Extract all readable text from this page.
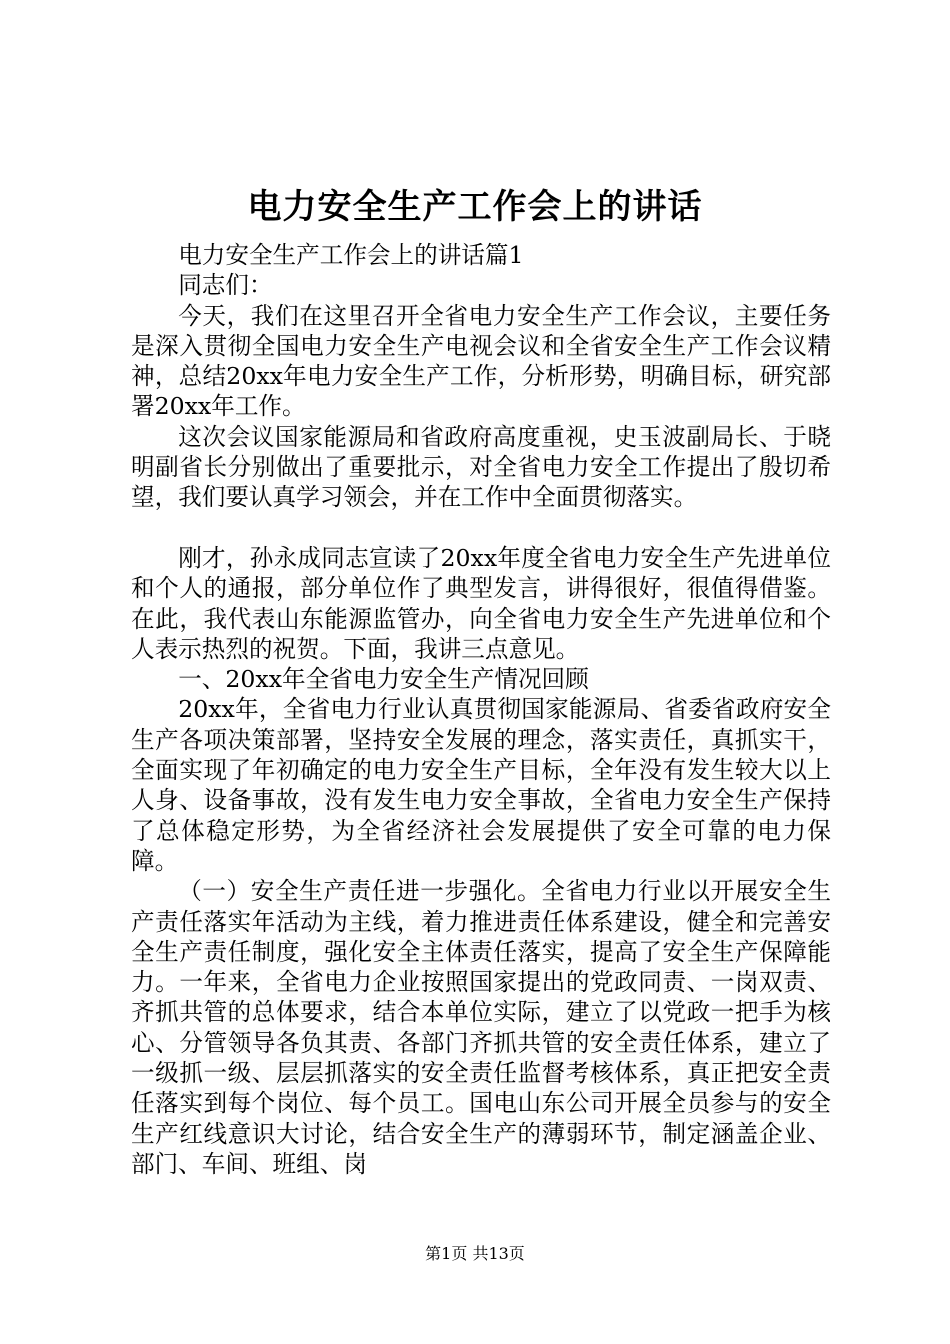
电力安全生产工作会上的讲话

电力安全生产工作会上的讲话篇1

同志们：

今天，我们在这里召开全省电力安全生产工作会议，主要任务是深入贯彻全国电力安全生产电视会议和全省安全生产工作会议精神，总结20xx年电力安全生产工作，分析形势，明确目标，研究部署20xx年工作。

这次会议国家能源局和省政府高度重视，史玉波副局长、于晓明副省长分别做出了重要批示，对全省电力安全工作提出了殷切希望，我们要认真学习领会，并在工作中全面贯彻落实。

刚才，孙永成同志宣读了20xx年度全省电力安全生产先进单位和个人的通报，部分单位作了典型发言，讲得很好，很值得借鉴。在此，我代表山东能源监管办，向全省电力安全生产先进单位和个人表示热烈的祝贺。下面，我讲三点意见。

一、20xx年全省电力安全生产情况回顾

20xx年，全省电力行业认真贯彻国家能源局、省委省政府安全生产各项决策部署，坚持安全发展的理念，落实责任，真抓实干，全面实现了年初确定的电力安全生产目标，全年没有发生较大以上人身、设备事故，没有发生电力安全事故，全省电力安全生产保持了总体稳定形势，为全省经济社会发展提供了安全可靠的电力保障。

（一）安全生产责任进一步强化。全省电力行业以开展安全生产责任落实年活动为主线，着力推进责任体系建设，健全和完善安全生产责任制度，强化安全主体责任落实，提高了安全生产保障能力。一年来，全省电力企业按照国家提出的党政同责、一岗双责、齐抓共管的总体要求，结合本单位实际，建立了以党政一把手为核心、分管领导各负其责、各部门齐抓共管的安全责任体系，建立了一级抓一级、层层抓落实的安全责任监督考核体系，真正把安全责任落实到每个岗位、每个员工。国电山东公司开展全员参与的安全生产红线意识大讨论，结合安全生产的薄弱环节，制定涵盖企业、部门、车间、班组、岗

第1页 共13页
